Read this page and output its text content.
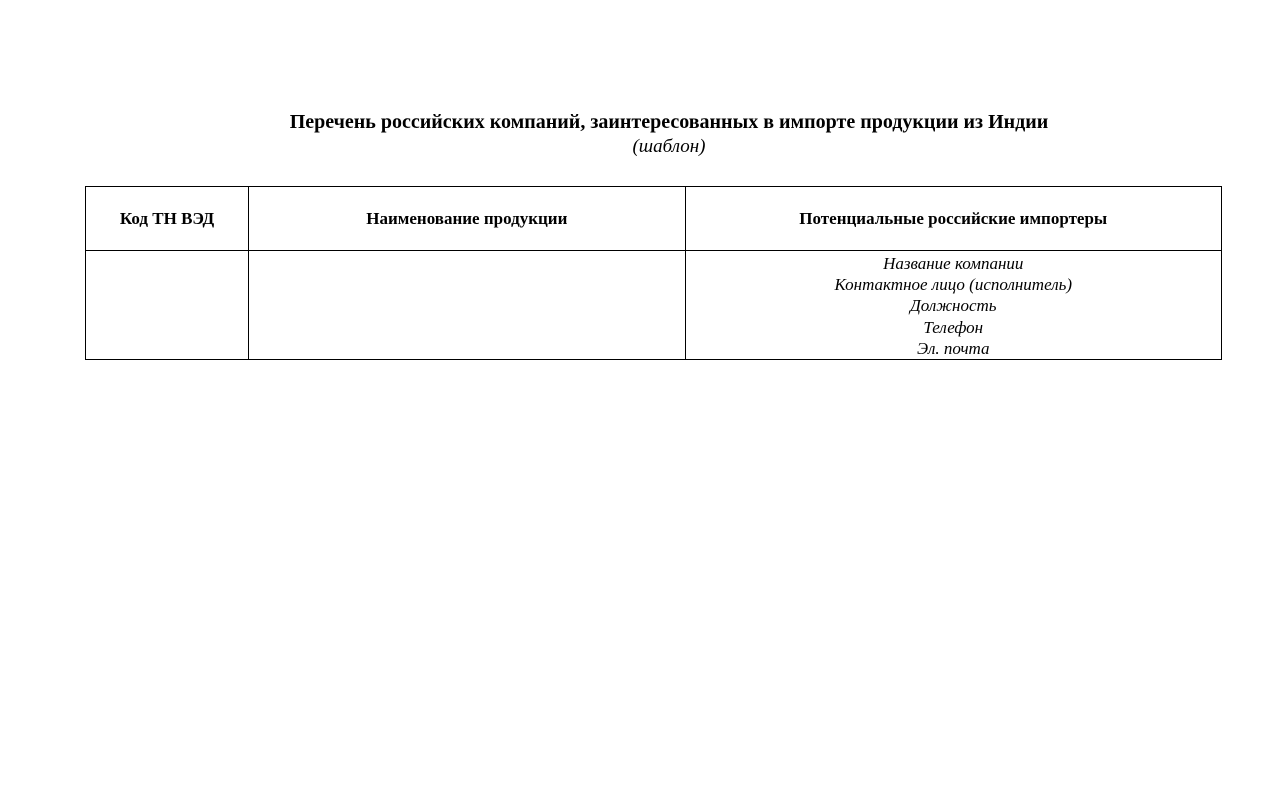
Перечень российских компаний, заинтересованных в импорте продукции из Индии
(шаблон)
Код ТН ВЭД	Наименование продукции	Потенциальные российские импортеры

		Название компании
Контактное лицо (исполнитель)
Должность
Телефон
Эл. почта
